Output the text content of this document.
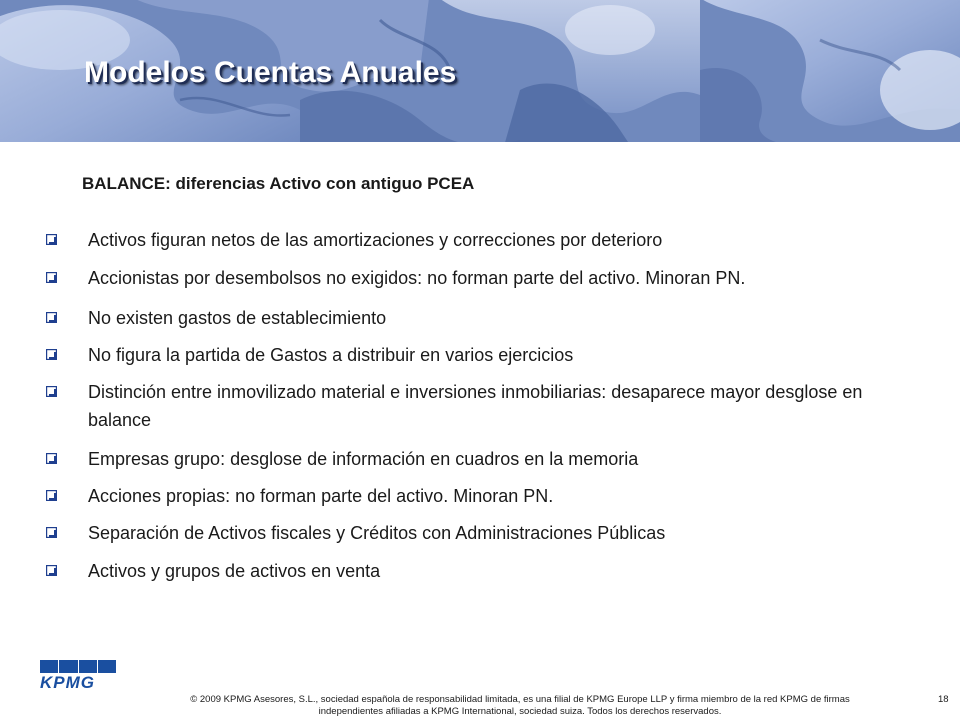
Modelos Cuentas Anuales
BALANCE: diferencias Activo con antiguo PCEA
Activos figuran netos de las amortizaciones y correcciones por deterioro
Accionistas por desembolsos no exigidos: no forman parte del activo. Minoran PN.
No existen gastos de establecimiento
No figura la partida de Gastos a distribuir en varios ejercicios
Distinción entre inmovilizado material e inversiones inmobiliarias: desaparece mayor desglose en balance
Empresas grupo: desglose de información en cuadros en la memoria
Acciones propias: no forman parte del activo. Minoran PN.
Separación de Activos fiscales y Créditos con Administraciones Públicas
Activos y grupos de activos en venta
KPMG
© 2009 KPMG Asesores, S.L., sociedad española de responsabilidad limitada, es una filial de KPMG Europe LLP y firma miembro de la red KPMG de firmas
independientes afiliadas a KPMG International, sociedad suiza. Todos los derechos reservados.
18
